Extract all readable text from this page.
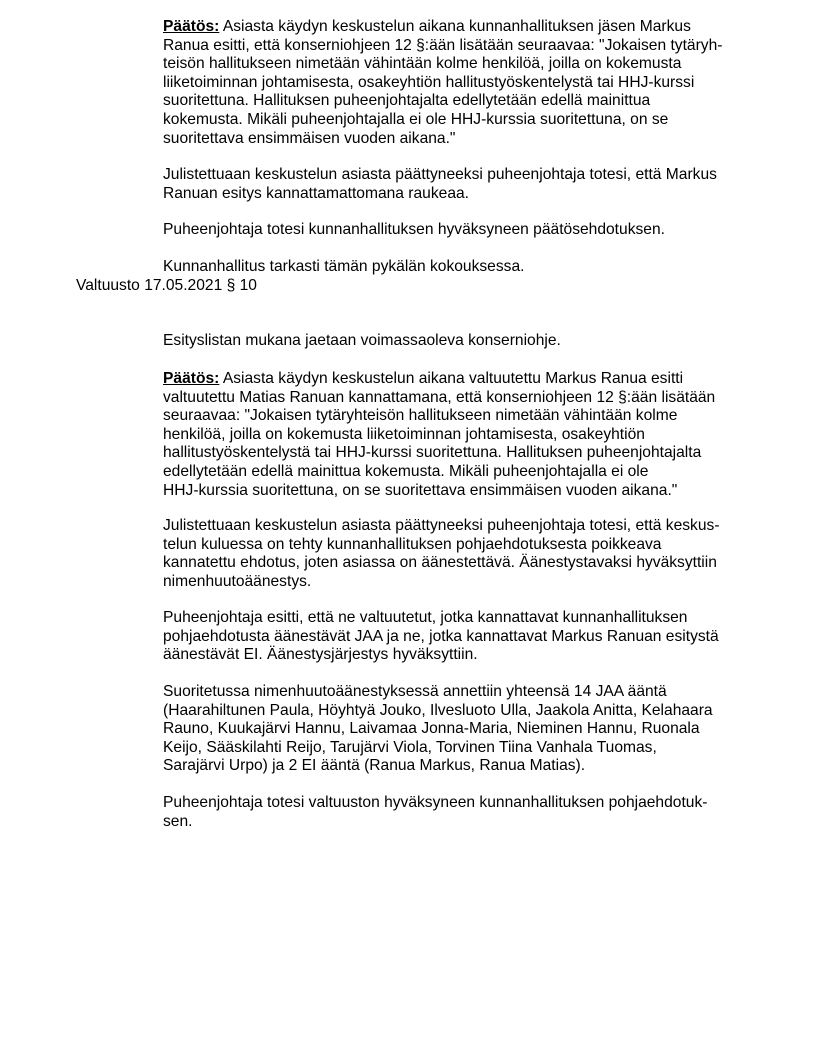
Päätös: Asiasta käydyn keskustelun aikana kunnanhallituksen jäsen Markus
Ranua esitti, että konserniohjeen 12 §:ään lisätään seuraavaa: "Jokaisen tytäryh-
teisön hallitukseen nimetään vähintään kolme henkilöä, joilla on kokemusta
liiketoiminnan johtamisesta, osakeyhtiön hallitustyöskentelystä tai HHJ-kurssi
suoritettuna. Hallituksen puheenjohtajalta edellytetään edellä mainittua
kokemusta. Mikäli puheenjohtajalla ei ole HHJ-kurssia suoritettuna, on se
suoritettava ensimmäisen vuoden aikana."

Julistettuaan keskustelun asiasta päättyneeksi puheenjohtaja totesi, että Markus
Ranuan esitys kannattamattomana raukeaa.

Puheenjohtaja totesi kunnanhallituksen hyväksyneen päätösehdotuksen.

Kunnanhallitus tarkasti tämän pykälän kokouksessa.

Valtuusto 17.05.2021 § 10

Esityslistan mukana jaetaan voimassaoleva konserniohje.

Päätös: Asiasta käydyn keskustelun aikana valtuutettu Markus Ranua esitti
valtuutettu Matias Ranuan kannattamana, että konserniohjeen 12 §:ään lisätään
seuraavaa: "Jokaisen tytäryhteisön hallitukseen nimetään vähintään kolme
henkilöä, joilla on kokemusta liiketoiminnan johtamisesta, osakeyhtiön
hallitustyöskentelystä tai HHJ-kurssi suoritettuna. Hallituksen puheenjohtajalta
edellytetään edellä mainittua kokemusta. Mikäli puheenjohtajalla ei ole
HHJ-kurssia suoritettuna, on se suoritettava ensimmäisen vuoden aikana."

Julistettuaan keskustelun asiasta päättyneeksi puheenjohtaja totesi, että keskus-
telun kuluessa on tehty kunnanhallituksen pohjaehdotuksesta poikkeava
kannatettu ehdotus, joten asiassa on äänestettävä. Äänestystavaksi hyväksyttiin
nimenhuutoäänestys.

Puheenjohtaja esitti, että ne valtuutetut, jotka kannattavat kunnanhallituksen
pohjaehdotusta äänestävät JAA ja ne, jotka kannattavat Markus Ranuan esitystä
äänestävät EI. Äänestysjärjestys hyväksyttiin.

Suoritetussa nimenhuutoäänestyksessä annettiin yhteensä 14 JAA ääntä
(Haarahiltunen Paula, Höyhtyä Jouko, Ilvesluoto Ulla, Jaakola Anitta, Kelahaara
Rauno, Kuukajärvi Hannu, Laivamaa Jonna-Maria, Nieminen Hannu, Ruonala
Keijo, Sääskilahti Reijo, Tarujärvi Viola, Torvinen Tiina Vanhala Tuomas,
Sarajärvi Urpo) ja 2 EI ääntä (Ranua Markus, Ranua Matias).

Puheenjohtaja totesi valtuuston hyväksyneen kunnanhallituksen pohjaehdotuk-
sen.
